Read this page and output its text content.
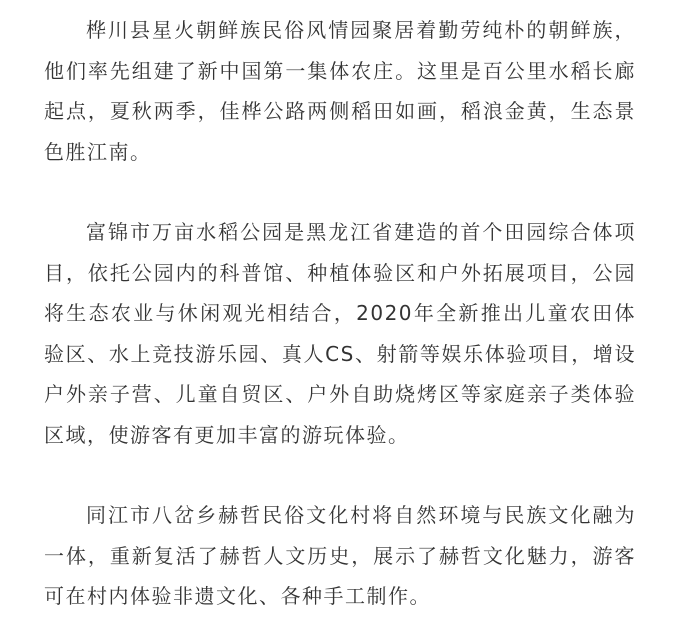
桦川县星火朝鲜族民俗风情园聚居着勤劳纯朴的朝鲜族，他们率先组建了新中国第一集体农庄。这里是百公里水稻长廊起点，夏秋两季，佳桦公路两侧稻田如画，稻浪金黄，生态景色胜江南。

富锦市万亩水稻公园是黑龙江省建造的首个田园综合体项目，依托公园内的科普馆、种植体验区和户外拓展项目，公园将生态农业与休闲观光相结合，2020年全新推出儿童农田体验区、水上竞技游乐园、真人CS、射箭等娱乐体验项目，增设户外亲子营、儿童自贸区、户外自助烧烤区等家庭亲子类体验区域，使游客有更加丰富的游玩体验。

同江市八岔乡赫哲民俗文化村将自然环境与民族文化融为一体，重新复活了赫哲人文历史，展示了赫哲文化魅力，游客可在村内体验非遗文化、各种手工制作。
